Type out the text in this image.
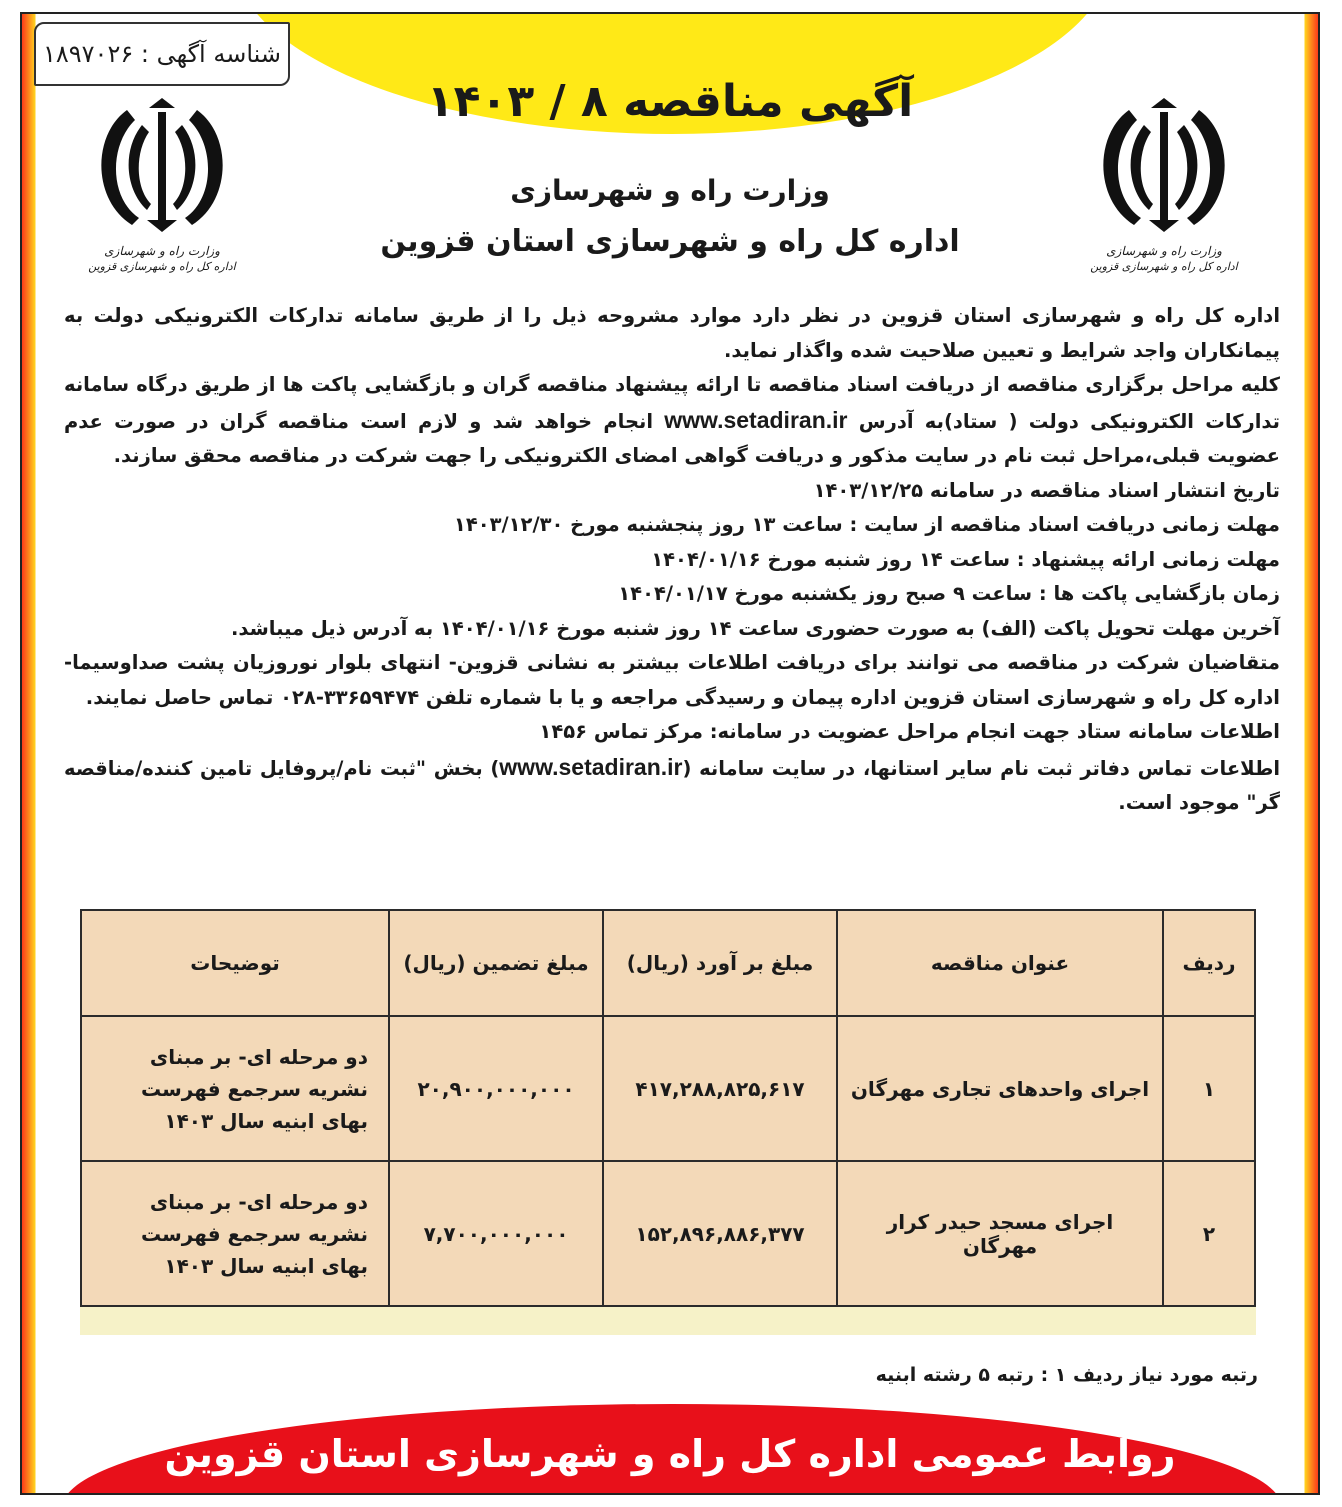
شناسه آگهی : ۱۸۹۷۰۲۶
آگهی مناقصه ۸ / ۱۴۰۳
وزارت راه و شهرسازی
اداره کل راه و شهرسازی استان قزوین
وزارت راه و شهرسازی
اداره کل راه و شهرسازی قزوین
وزارت راه و شهرسازی
اداره کل راه و شهرسازی قزوین

اداره کل راه و شهرسازی استان قزوین در نظر دارد موارد مشروحه ذیل را از طریق سامانه تدارکات الکترونیکی دولت به پیمانکاران واجد شرایط و تعیین صلاحیت شده واگذار نماید.

کلیه مراحل برگزاری مناقصه از دریافت اسناد مناقصه تا ارائه پیشنهاد مناقصه گران و بازگشایی پاکت ها از طریق درگاه سامانه تدارکات الکترونیکی دولت ( ستاد)به آدرس www.setadiran.ir انجام خواهد شد و لازم است مناقصه گران در صورت عدم عضویت قبلی،مراحل ثبت نام در سایت مذکور و دریافت گواهی امضای الکترونیکی را جهت شرکت در مناقصه محقق سازند.

تاریخ انتشار اسناد مناقصه در سامانه ۱۴۰۳/۱۲/۲۵

مهلت زمانی دریافت اسناد مناقصه از سایت : ساعت ۱۳ روز پنجشنبه مورخ ۱۴۰۳/۱۲/۳۰

مهلت زمانی ارائه پیشنهاد : ساعت ۱۴ روز شنبه مورخ ۱۴۰۴/۰۱/۱۶

زمان بازگشایی پاکت ها : ساعت ۹ صبح روز یکشنبه مورخ ۱۴۰۴/۰۱/۱۷

آخرین مهلت تحویل پاکت (الف) به صورت حضوری ساعت ۱۴ روز شنبه مورخ ۱۴۰۴/۰۱/۱۶ به آدرس ذیل میباشد.

متقاضیان شرکت در مناقصه می توانند برای دریافت اطلاعات بیشتر به نشانی قزوین- انتهای بلوار نوروزیان پشت صداوسیما- اداره کل راه و شهرسازی استان قزوین اداره پیمان و رسیدگی مراجعه و یا با شماره تلفن ۳۳۶۵۹۴۷۴-۰۲۸ تماس حاصل نمایند.

اطلاعات سامانه ستاد جهت انجام مراحل عضویت در سامانه: مرکز تماس ۱۴۵۶

اطلاعات تماس دفاتر ثبت نام سایر استانها، در سایت سامانه (www.setadiran.ir) بخش "ثبت نام/پروفایل تامین کننده/مناقصه گر" موجود است.

ردیف	عنوان مناقصه	مبلغ بر آورد (ریال)	مبلغ تضمین (ریال)	توضیحات
۱	اجرای واحدهای تجاری مهرگان	۴۱۷,۲۸۸,۸۲۵,۶۱۷	۲۰,۹۰۰,۰۰۰,۰۰۰	دو مرحله ای- بر مبنای نشریه سرجمع فهرست بهای ابنیه سال ۱۴۰۳
۲	اجرای مسجد حیدر کرار مهرگان	۱۵۲,۸۹۶,۸۸۶,۳۷۷	۷,۷۰۰,۰۰۰,۰۰۰	دو مرحله ای- بر مبنای نشریه سرجمع فهرست بهای ابنیه سال ۱۴۰۳
رتبه مورد نیاز ردیف ۱ : رتبه ۵ رشته ابنیه
روابط عمومی اداره کل راه و شهرسازی استان قزوین
